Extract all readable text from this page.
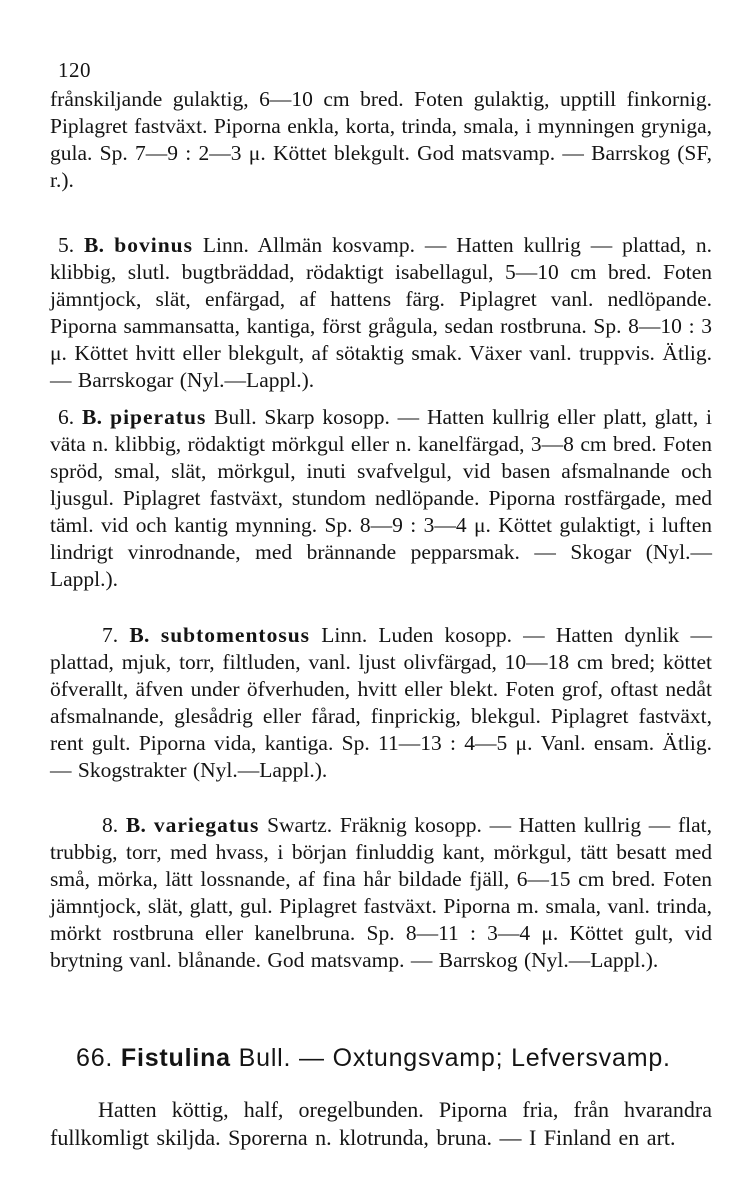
120

frånskiljande gulaktig, 6—10 cm bred. Foten gulaktig, upptill finkornig. Piplagret fastväxt. Piporna enkla, korta, trinda, smala, i mynningen gryniga, gula. Sp. 7—9 : 2—3 μ. Köttet blekgult. God matsvamp. — Barrskog (SF, r.).

5. B. bovinus Linn. Allmän kosvamp. — Hatten kullrig — plattad, n. klibbig, slutl. bugtbräddad, rödaktigt isabellagul, 5—10 cm bred. Foten jämntjock, slät, enfärgad, af hattens färg. Piplagret vanl. nedlöpande. Piporna sammansatta, kantiga, först grågula, sedan rostbruna. Sp. 8—10 : 3 μ. Köttet hvitt eller blekgult, af sötaktig smak. Växer vanl. truppvis. Ätlig. — Barrskogar (Nyl.—Lappl.).

6. B. piperatus Bull. Skarp kosopp. — Hatten kullrig eller platt, glatt, i väta n. klibbig, rödaktigt mörkgul eller n. kanelfärgad, 3—8 cm bred. Foten spröd, smal, slät, mörkgul, inuti svafvelgul, vid basen afsmalnande och ljusgul. Piplagret fastväxt, stundom nedlöpande. Piporna rostfärgade, med täml. vid och kantig mynning. Sp. 8—9 : 3—4 μ. Köttet gulaktigt, i luften lindrigt vinrodnande, med brännande pepparsmak. — Skogar (Nyl.—Lappl.).

7. B. subtomentosus Linn. Luden kosopp. — Hatten dynlik — plattad, mjuk, torr, filtluden, vanl. ljust olivfärgad, 10—18 cm bred; köttet öfverallt, äfven under öfverhuden, hvitt eller blekt. Foten grof, oftast nedåt afsmalnande, glesådrig eller fårad, finprickig, blekgul. Piplagret fastväxt, rent gult. Piporna vida, kantiga. Sp. 11—13 : 4—5 μ. Vanl. ensam. Ätlig. — Skogstrakter (Nyl.—Lappl.).

8. B. variegatus Swartz. Fräknig kosopp. — Hatten kullrig — flat, trubbig, torr, med hvass, i början finluddig kant, mörkgul, tätt besatt med små, mörka, lätt lossnande, af fina hår bildade fjäll, 6—15 cm bred. Foten jämntjock, slät, glatt, gul. Piplagret fastväxt. Piporna m. smala, vanl. trinda, mörkt rostbruna eller kanelbruna. Sp. 8—11 : 3—4 μ. Köttet gult, vid brytning vanl. blånande. God matsvamp. — Barrskog (Nyl.—Lappl.).

66. Fistulina Bull. — Oxtungsvamp; Lefversvamp.

Hatten köttig, half, oregelbunden. Piporna fria, från hvarandra fullkomligt skiljda. Sporerna n. klotrunda, bruna. — I Finland en art.
